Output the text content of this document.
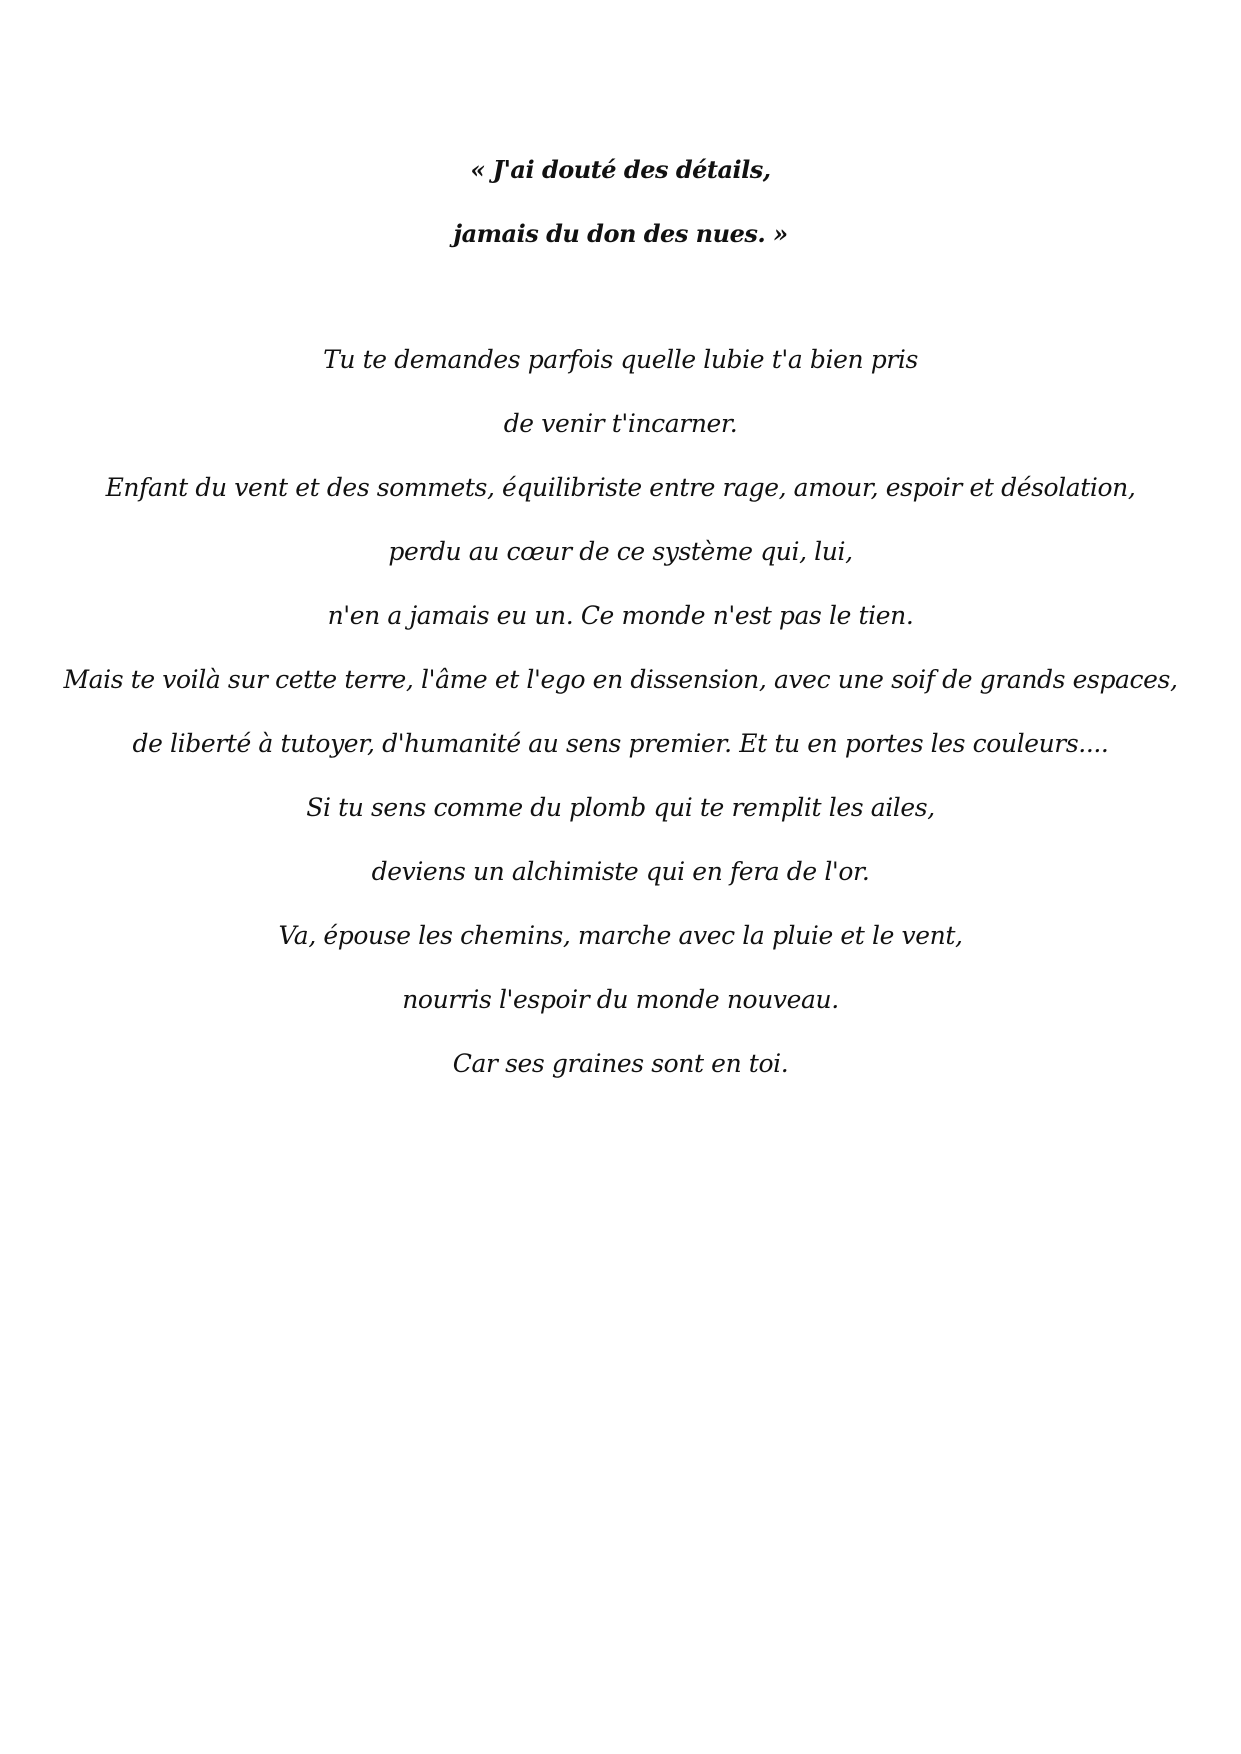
« J'ai douté des détails,
jamais du don des nues. »
Tu te demandes parfois quelle lubie t'a bien pris
de venir t'incarner.
Enfant du vent et des sommets, équilibriste entre rage, amour, espoir et désolation,
perdu au cœur de ce système qui, lui,
n'en a jamais eu un. Ce monde n'est pas le tien.
Mais te voilà sur cette terre, l'âme et l'ego en dissension, avec une soif de grands espaces,
de liberté à tutoyer, d'humanité au sens premier. Et tu en portes les couleurs....
Si tu sens comme du plomb qui te remplit les ailes,
deviens un alchimiste qui en fera de l'or.
Va, épouse les chemins, marche avec la pluie et le vent,
nourris l'espoir du monde nouveau.
Car ses graines sont en toi.
